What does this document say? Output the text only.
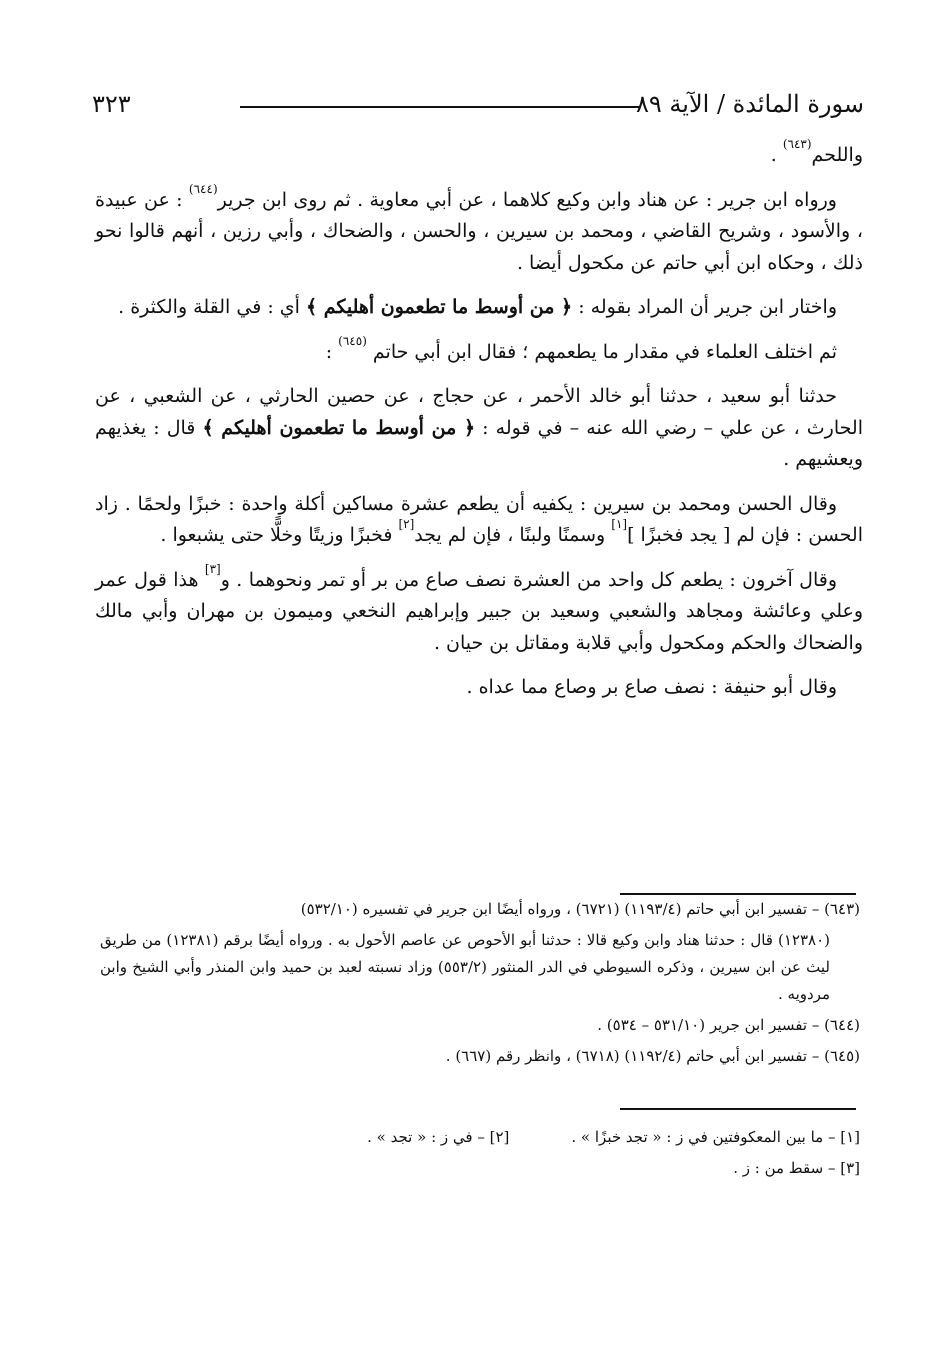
٣٢٣	سورة المائدة / الآية ٨٩

واللحم$^{(٦٤٣)}$ .

ورواه ابن جرير : عن هناد وابن وكيع كلاهما ، عن أبي معاوية . ثم روى ابن جرير$^{(٦٤٤)}$ : عن عبيدة ، والأسود ، وشريح القاضي ، ومحمد بن سيرين ، والحسن ، والضحاك ، وأبي رزين ، أنهم قالوا نحو ذلك ، وحكاه ابن أبي حاتم عن مكحول أيضا .

واختار ابن جرير أن المراد بقوله : ﴿ من أوسط ما تطعمون أهليكم ﴾ أي : في القلة والكثرة .

ثم اختلف العلماء في مقدار ما يطعمهم ؛ فقال ابن أبي حاتم $^{(٦٤٥)}$ :

حدثنا أبو سعيد ، حدثنا أبو خالد الأحمر ، عن حجاج ، عن حصين الحارثي ، عن الشعبي ، عن الحارث ، عن علي – رضي الله عنه – في قوله : ﴿ من أوسط ما تطعمون أهليكم ﴾ قال : يغذيهم ويعشيهم .

وقال الحسن ومحمد بن سيرين : يكفيه أن يطعم عشرة مساكين أكلة واحدة : خبزًا ولحمًا . زاد الحسن : فإن لم [ يجد فخبزًا ][١] وسمنًا ولبنًا ، فإن لم يجد[٢] فخبزًا وزيتًا وخلًّا حتى يشبعوا .

وقال آخرون : يطعم كل واحد من العشرة نصف صاع من بر أو تمر ونحوهما . و[٣] هذا قول عمر وعلي وعائشة ومجاهد والشعبي وسعيد بن جبير وإبراهيم النخعي وميمون بن مهران وأبي مالك والضحاك والحكم ومكحول وأبي قلابة ومقاتل بن حيان .

وقال أبو حنيفة : نصف صاع بر وصاع مما عداه .

(٦٤٣) – تفسير ابن أبي حاتم (١١٩٣/٤) (٦٧٢١) ، ورواه أيضًا ابن جرير في تفسيره (٥٣٢/١٠)

(١٢٣٨٠) قال : حدثنا هناد وابن وكيع قالا : حدثنا أبو الأحوص عن عاصم الأحول به . ورواه أيضًا برقم (١٢٣٨١) من طريق ليث عن ابن سيرين ، وذكره السيوطي في الدر المنثور (٥٥٣/٢) وزاد نسبته لعبد بن حميد وابن المنذر وأبي الشيخ وابن مردويه .

(٦٤٤) – تفسير ابن جرير (٥٣١/١٠ – ٥٣٤) .

(٦٤٥) – تفسير ابن أبي حاتم (١١٩٢/٤) (٦٧١٨) ، وانظر رقم (٦٦٧) .

[١] – ما بين المعكوفتين في ز : « تجد خبزًا » .
[٢] – في ز : « تجد » .
[٣] – سقط من : ز .
